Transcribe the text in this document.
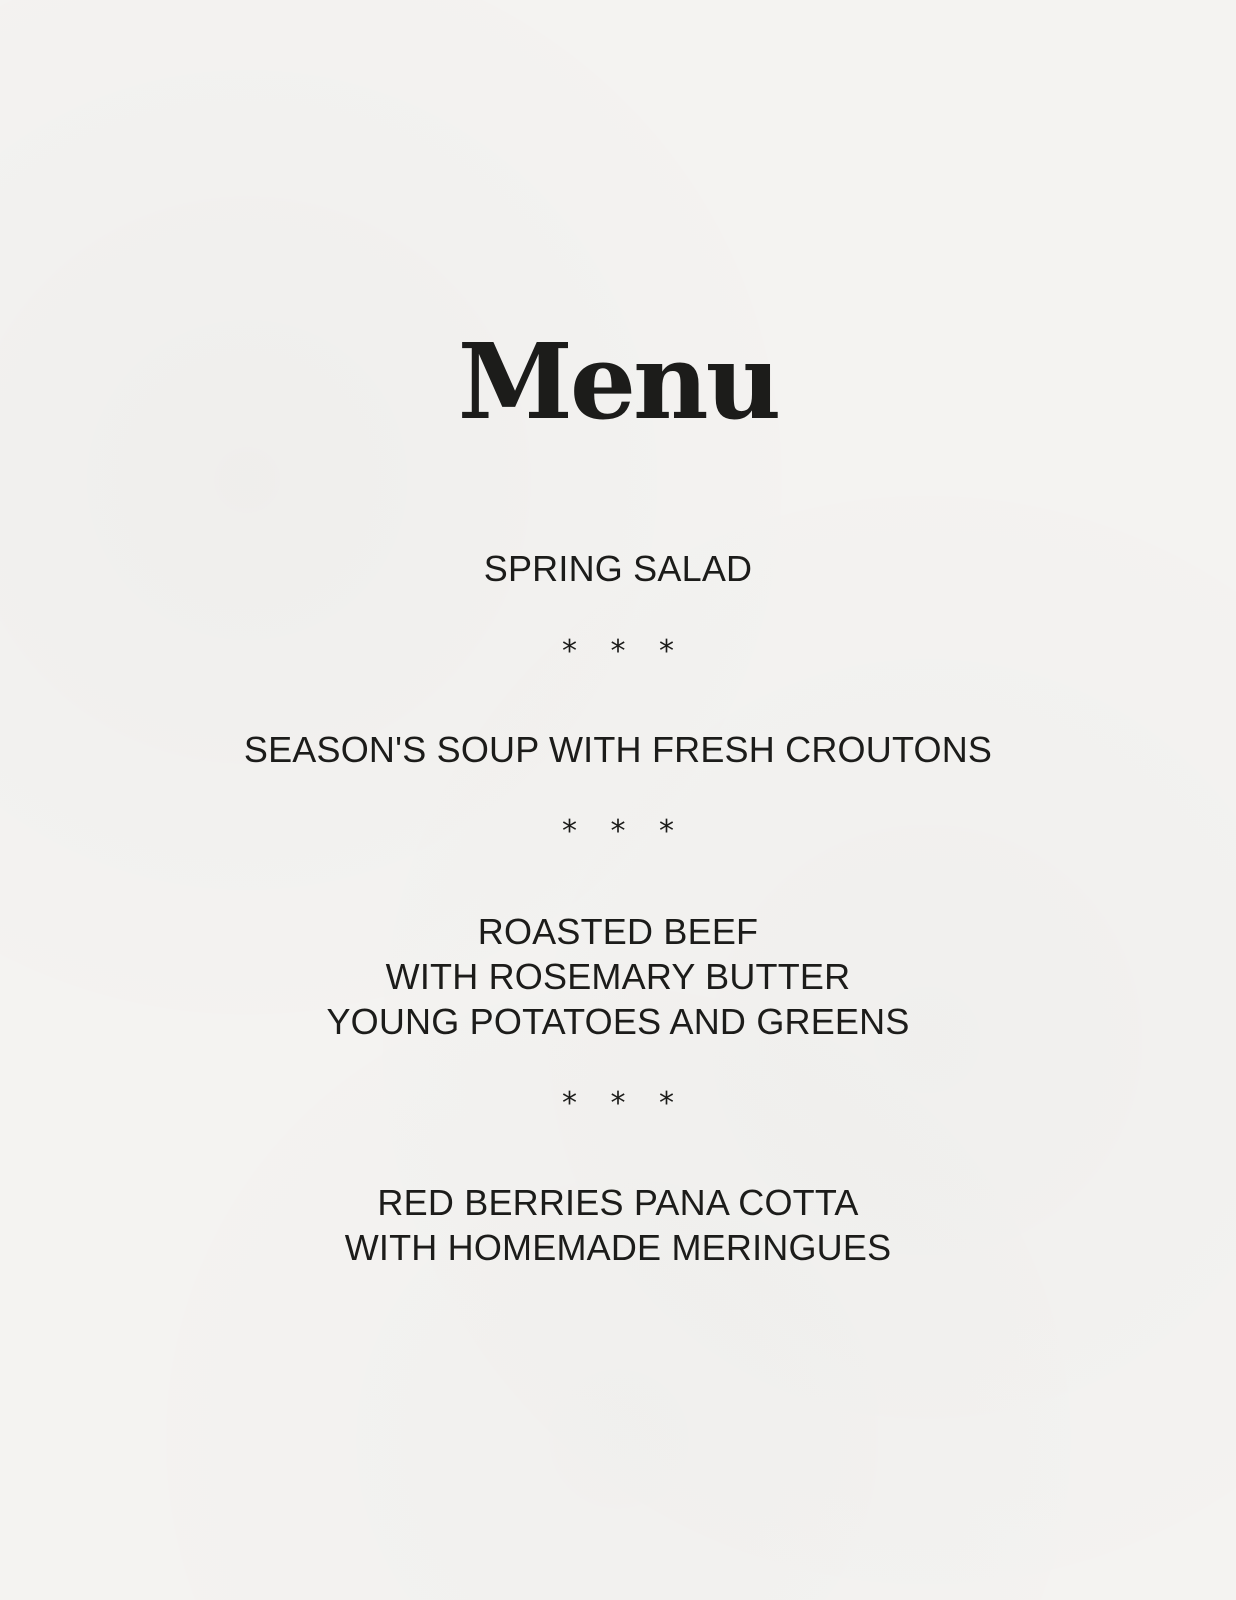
Menu
SPRING SALAD
* * *
SEASON'S SOUP WITH FRESH CROUTONS
* * *
ROASTED BEEF
WITH ROSEMARY BUTTER
YOUNG POTATOES AND GREENS
* * *
RED BERRIES PANA COTTA
WITH HOMEMADE MERINGUES
